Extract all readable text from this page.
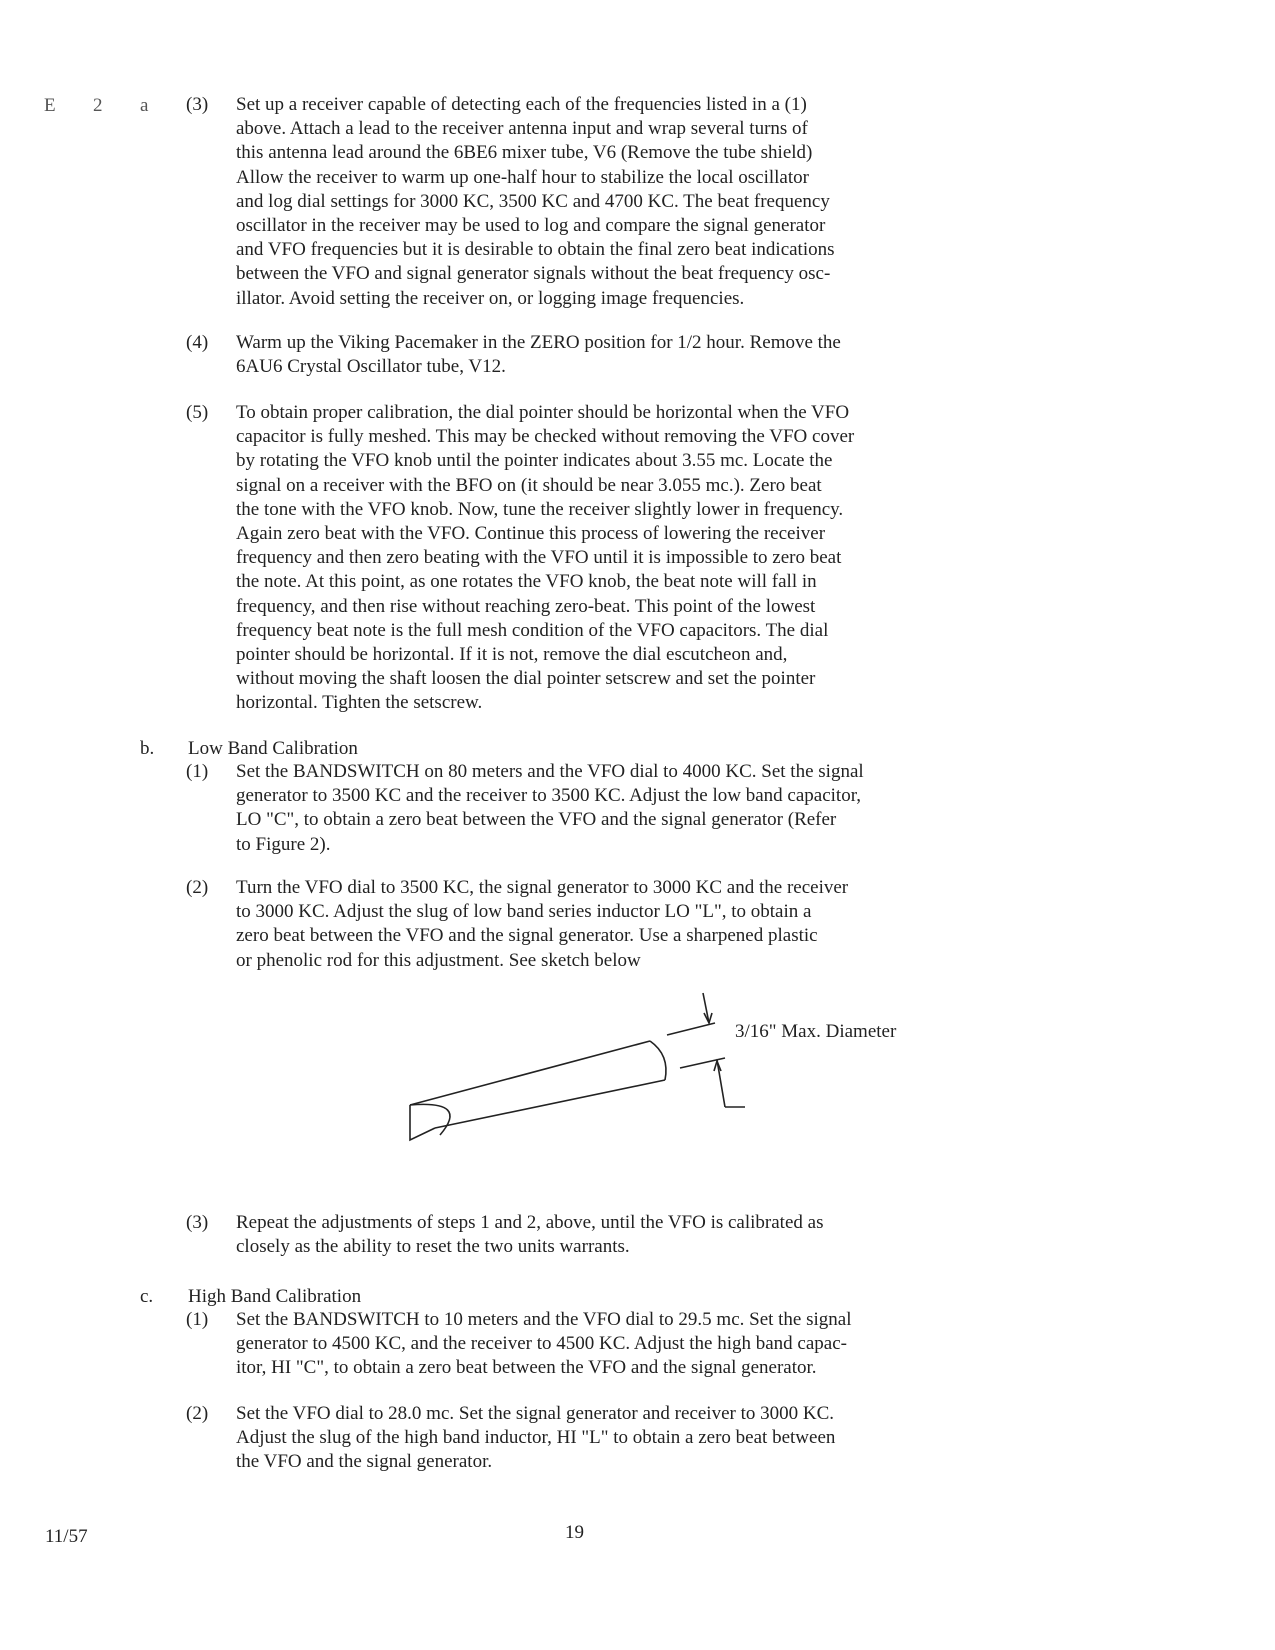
E 2 a
b. Low Band Calibration
c. High Band Calibration
(3) Set up a receiver capable of detecting each of the frequencies listed in a (1)
above. Attach a lead to the receiver antenna input and wrap several turns of
this antenna lead around the 6BE6 mixer tube, V6 (Remove the tube shield)
Allow the receiver to warm up one-half hour to stabilize the local oscillator
and log dial settings for 3000 KC, 3500 KC and 4700 KC. The beat frequency
oscillator in the receiver may be used to log and compare the signal generator
and VFO frequencies but it is desirable to obtain the final zero beat indications
between the VFO and signal generator signals without the beat frequency osc-
illator. Avoid setting the receiver on, or logging image frequencies.
(4) Warm up the Viking Pacemaker in the ZERO position for 1/2 hour. Remove the
6AU6 Crystal Oscillator tube, V12.
(5) To obtain proper calibration, the dial pointer should be horizontal when the VFO
capacitor is fully meshed. This may be checked without removing the VFO cover
by rotating the VFO knob until the pointer indicates about 3.55 mc. Locate the
signal on a receiver with the BFO on (it should be near 3.055 mc.). Zero beat
the tone with the VFO knob. Now, tune the receiver slightly lower in frequency.
Again zero beat with the VFO. Continue this process of lowering the receiver
frequency and then zero beating with the VFO until it is impossible to zero beat
the note. At this point, as one rotates the VFO knob, the beat note will fall in
frequency, and then rise without reaching zero-beat. This point of the lowest
frequency beat note is the full mesh condition of the VFO capacitors. The dial
pointer should be horizontal. If it is not, remove the dial escutcheon and,
without moving the shaft loosen the dial pointer setscrew and set the pointer
horizontal. Tighten the setscrew.
(1) Set the BANDSWITCH on 80 meters and the VFO dial to 4000 KC. Set the signal
generator to 3500 KC and the receiver to 3500 KC. Adjust the low band capacitor,
LO "C", to obtain a zero beat between the VFO and the signal generator (Refer
to Figure 2).
(2) Turn the VFO dial to 3500 KC, the signal generator to 3000 KC and the receiver
to 3000 KC. Adjust the slug of low band series inductor LO "L", to obtain a
zero beat between the VFO and the signal generator. Use a sharpened plastic
or phenolic rod for this adjustment. See sketch below
(3) Repeat the adjustments of steps 1 and 2, above, until the VFO is calibrated as
closely as the ability to reset the two units warrants.
(1) Set the BANDSWITCH to 10 meters and the VFO dial to 29.5 mc. Set the signal
generator to 4500 KC, and the receiver to 4500 KC. Adjust the high band capac-
itor, HI "C", to obtain a zero beat between the VFO and the signal generator.
(2) Set the VFO dial to 28.0 mc. Set the signal generator and receiver to 3000 KC.
Adjust the slug of the high band inductor, HI "L" to obtain a zero beat between
the VFO and the signal generator.
3/16" Max. Diameter
11/57	19
